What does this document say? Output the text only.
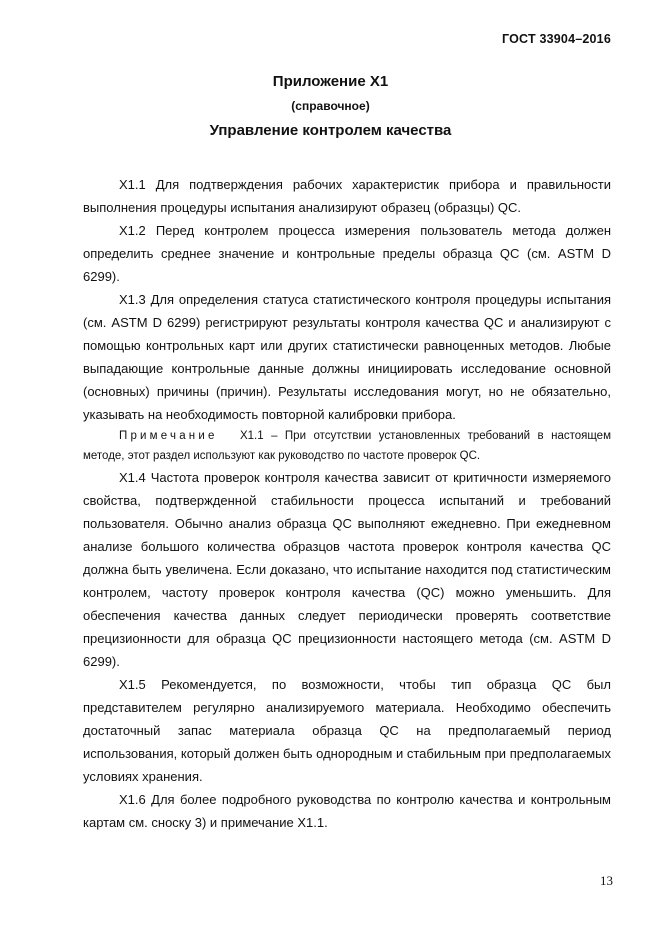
ГОСТ 33904–2016
Приложение Х1
(справочное)
Управление контролем качества

Х1.1 Для подтверждения рабочих характеристик прибора и правильности выполнения процедуры испытания анализируют образец (образцы) QC.

Х1.2 Перед контролем процесса измерения пользователь метода должен определить среднее значение и контрольные пределы образца QC (см. ASTM D 6299).

Х1.3 Для определения статуса статистического контроля процедуры испытания (см. ASTM D 6299) регистрируют результаты контроля качества QC и анализируют с помощью контрольных карт или других статистически равноценных методов. Любые выпадающие контрольные данные должны инициировать исследование основной (основных) причины (причин). Результаты исследования могут, но не обязательно, указывать на необходимость повторной калибровки прибора.

Примечание Х1.1 – При отсутствии установленных требований в настоящем методе, этот раздел используют как руководство по частоте проверок QC.

Х1.4 Частота проверок контроля качества зависит от критичности измеряемого свойства, подтвержденной стабильности процесса испытаний и требований пользователя. Обычно анализ образца QC выполняют ежедневно. При ежедневном анализе большого количества образцов частота проверок контроля качества QC должна быть увеличена. Если доказано, что испытание находится под статистическим контролем, частоту проверок контроля качества (QC) можно уменьшить. Для обеспечения качества данных следует периодически проверять соответствие прецизионности для образца QC прецизионности настоящего метода (см. ASTM D 6299).

Х1.5 Рекомендуется, по возможности, чтобы тип образца QC был представителем регулярно анализируемого материала. Необходимо обеспечить достаточный запас материала образца QC на предполагаемый период использования, который должен быть однородным и стабильным при предполагаемых условиях хранения.

Х1.6 Для более подробного руководства по контролю качества и контрольным картам см. сноску 3) и примечание Х1.1.

13
